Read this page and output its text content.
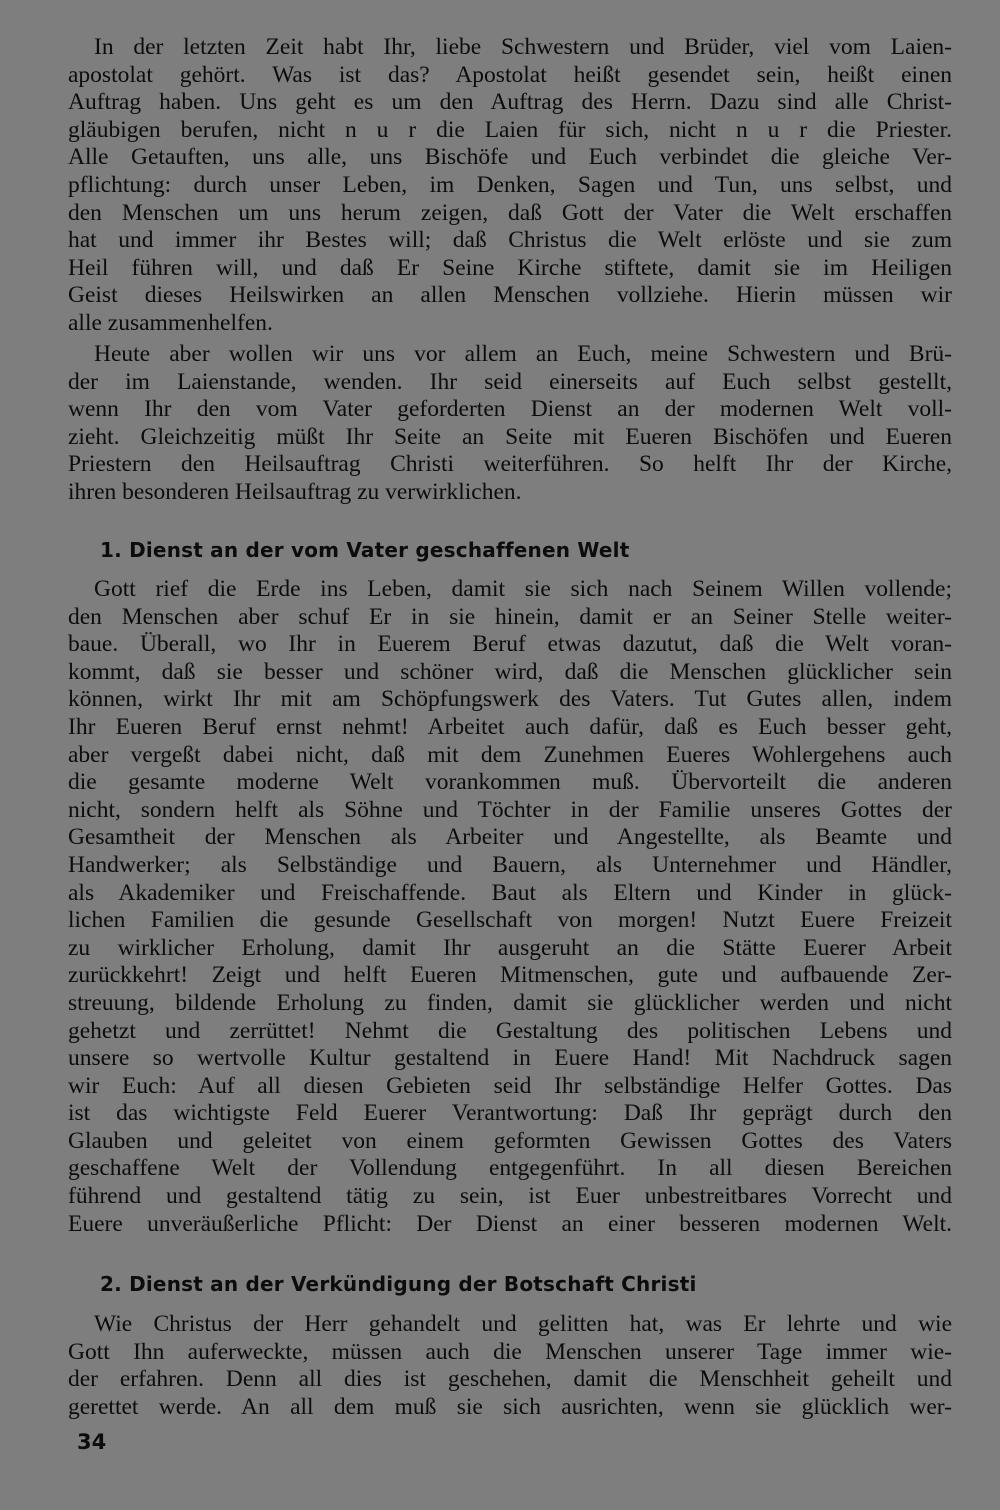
In der letzten Zeit habt Ihr, liebe Schwestern und Brüder, viel vom Laien-

apostolat gehört. Was ist das? Apostolat heißt gesendet sein, heißt einen

Auftrag haben. Uns geht es um den Auftrag des Herrn. Dazu sind alle Christ-

gläubigen berufen, nicht n u r die Laien für sich, nicht n u r die Priester.

Alle Getauften, uns alle, uns Bischöfe und Euch verbindet die gleiche Ver-

pflichtung: durch unser Leben, im Denken, Sagen und Tun, uns selbst, und

den Menschen um uns herum zeigen, daß Gott der Vater die Welt erschaffen

hat und immer ihr Bestes will; daß Christus die Welt erlöste und sie zum

Heil führen will, und daß Er Seine Kirche stiftete, damit sie im Heiligen

Geist dieses Heilswirken an allen Menschen vollziehe. Hierin müssen wir

alle zusammenhelfen.

Heute aber wollen wir uns vor allem an Euch, meine Schwestern und Brü-

der im Laienstande, wenden. Ihr seid einerseits auf Euch selbst gestellt,

wenn Ihr den vom Vater geforderten Dienst an der modernen Welt voll-

zieht. Gleichzeitig müßt Ihr Seite an Seite mit Eueren Bischöfen und Eueren

Priestern den Heilsauftrag Christi weiterführen. So helft Ihr der Kirche,

ihren besonderen Heilsauftrag zu verwirklichen.

1. Dienst an der vom Vater geschaffenen Welt

Gott rief die Erde ins Leben, damit sie sich nach Seinem Willen vollende;

den Menschen aber schuf Er in sie hinein, damit er an Seiner Stelle weiter-

baue. Überall, wo Ihr in Euerem Beruf etwas dazutut, daß die Welt voran-

kommt, daß sie besser und schöner wird, daß die Menschen glücklicher sein

können, wirkt Ihr mit am Schöpfungswerk des Vaters. Tut Gutes allen, indem

Ihr Eueren Beruf ernst nehmt! Arbeitet auch dafür, daß es Euch besser geht,

aber vergeßt dabei nicht, daß mit dem Zunehmen Eueres Wohlergehens auch

die gesamte moderne Welt vorankommen muß. Übervorteilt die anderen

nicht, sondern helft als Söhne und Töchter in der Familie unseres Gottes der

Gesamtheit der Menschen als Arbeiter und Angestellte, als Beamte und

Handwerker; als Selbständige und Bauern, als Unternehmer und Händler,

als Akademiker und Freischaffende. Baut als Eltern und Kinder in glück-

lichen Familien die gesunde Gesellschaft von morgen! Nutzt Euere Freizeit

zu wirklicher Erholung, damit Ihr ausgeruht an die Stätte Euerer Arbeit

zurückkehrt! Zeigt und helft Eueren Mitmenschen, gute und aufbauende Zer-

streuung, bildende Erholung zu finden, damit sie glücklicher werden und nicht

gehetzt und zerrüttet! Nehmt die Gestaltung des politischen Lebens und

unsere so wertvolle Kultur gestaltend in Euere Hand! Mit Nachdruck sagen

wir Euch: Auf all diesen Gebieten seid Ihr selbständige Helfer Gottes. Das

ist das wichtigste Feld Euerer Verantwortung: Daß Ihr geprägt durch den

Glauben und geleitet von einem geformten Gewissen Gottes des Vaters

geschaffene Welt der Vollendung entgegenführt. In all diesen Bereichen

führend und gestaltend tätig zu sein, ist Euer unbestreitbares Vorrecht und

Euere unveräußerliche Pflicht: Der Dienst an einer besseren modernen Welt.

2. Dienst an der Verkündigung der Botschaft Christi

Wie Christus der Herr gehandelt und gelitten hat, was Er lehrte und wie

Gott Ihn auferweckte, müssen auch die Menschen unserer Tage immer wie-

der erfahren. Denn all dies ist geschehen, damit die Menschheit geheilt und

gerettet werde. An all dem muß sie sich ausrichten, wenn sie glücklich wer-

34
